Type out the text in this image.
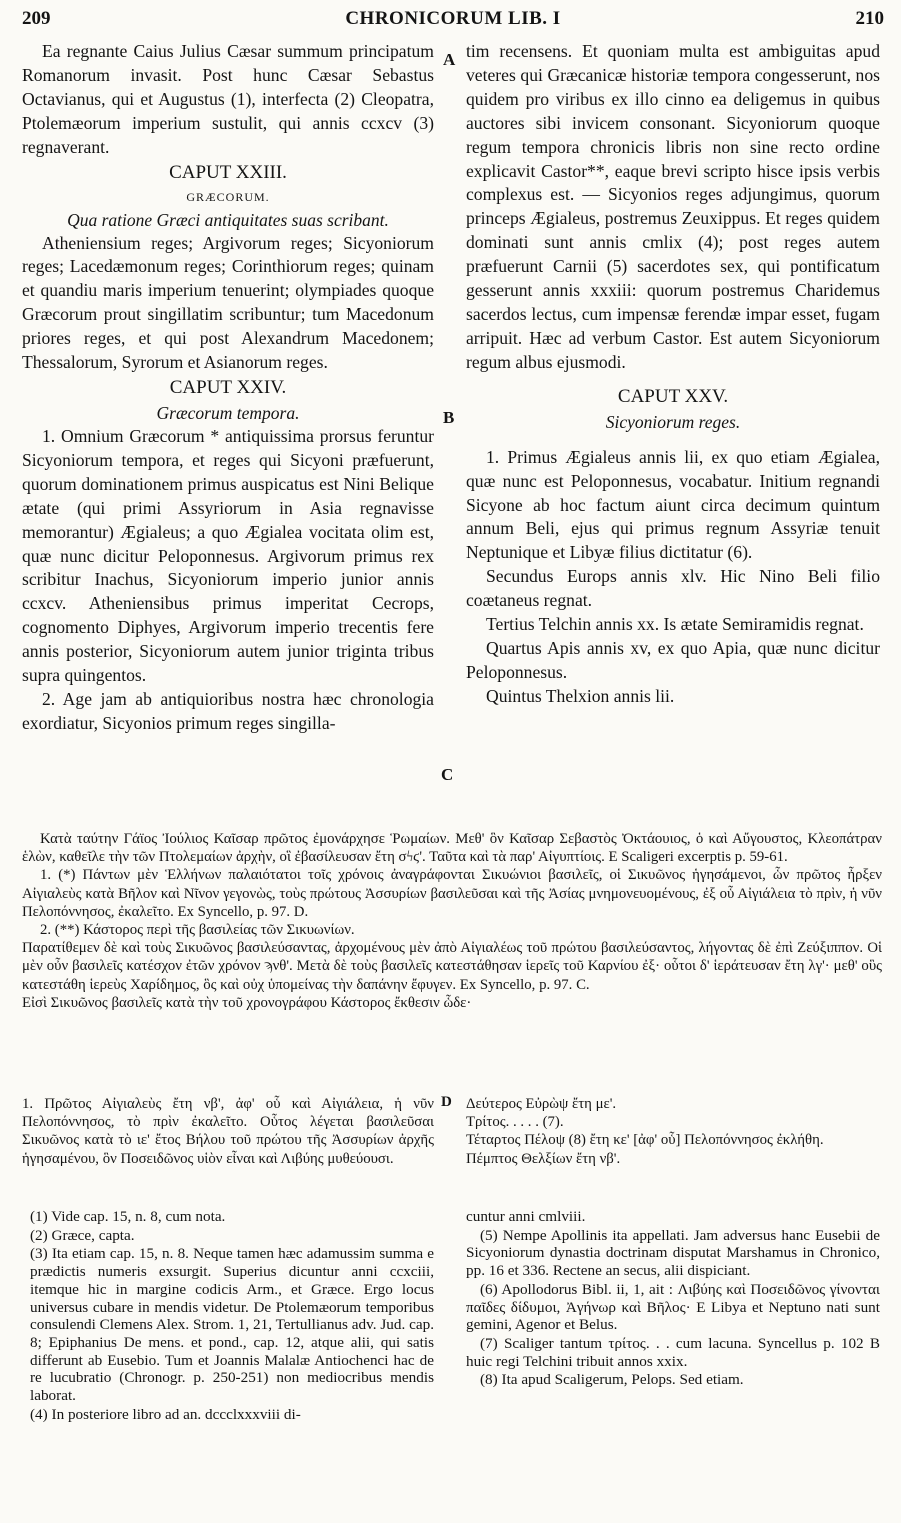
209	CHRONICORUM LIB. I	210
A
B
C
D

Ea regnante Caius Julius Cæsar summum principatum Romanorum invasit. Post hunc Cæsar Sebastus Octavianus, qui et Augustus (1), interfecta (2) Cleopatra, Ptolemæorum imperium sustulit, qui annis ccxcv (3) regnaverant.

CAPUT XXIII.

GRÆCORUM.

Qua ratione Græci antiquitates suas scribant.

Atheniensium reges; Argivorum reges; Sicyoniorum reges; Lacedæmonum reges; Corinthiorum reges; quinam et quandiu maris imperium tenuerint; olympiades quoque Græcorum prout singillatim scribuntur; tum Macedonum priores reges, et qui post Alexandrum Macedonem; Thessalorum, Syrorum et Asianorum reges.

CAPUT XXIV.

Græcorum tempora.

1. Omnium Græcorum * antiquissima prorsus feruntur Sicyoniorum tempora, et reges qui Sicyoni præfuerunt, quorum dominationem primus auspicatus est Nini Belique ætate (qui primi Assyriorum in Asia regnavisse memorantur) Ægialeus; a quo Ægialea vocitata olim est, quæ nunc dicitur Peloponnesus. Argivorum primus rex scribitur Inachus, Sicyoniorum imperio junior annis ccxcv. Atheniensibus primus imperitat Cecrops, cognomento Diphyes, Argivorum imperio trecentis fere annis posterior, Sicyoniorum autem junior triginta tribus supra quingentos.

2. Age jam ab antiquioribus nostra hæc chronologia exordiatur, Sicyonios primum reges singilla-

tim recensens. Et quoniam multa est ambiguitas apud veteres qui Græcanicæ historiæ tempora congesserunt, nos quidem pro viribus ex illo cinno ea deligemus in quibus auctores sibi invicem consonant. Sicyoniorum quoque regum tempora chronicis libris non sine recto ordine explicavit Castor**, eaque brevi scripto hisce ipsis verbis complexus est. — Sicyonios reges adjungimus, quorum princeps Ægialeus, postremus Zeuxippus. Et reges quidem dominati sunt annis cmlix (4); post reges autem præfuerunt Carnii (5) sacerdotes sex, qui pontificatum gesserunt annis xxxiii: quorum postremus Charidemus sacerdos lectus, cum impensæ ferendæ impar esset, fugam arripuit. Hæc ad verbum Castor. Est autem Sicyoniorum regum albus ejusmodi.

CAPUT XXV.

Sicyoniorum reges.

1. Primus Ægialeus annis lii, ex quo etiam Ægialea, quæ nunc est Peloponnesus, vocabatur. Initium regnandi Sicyone ab hoc factum aiunt circa decimum quintum annum Beli, ejus qui primus regnum Assyriæ tenuit Neptunique et Libyæ filius dictitatur (6).

Secundus Europs annis xlv. Hic Nino Beli filio coætaneus regnat.

Tertius Telchin annis xx. Is ætate Semiramidis regnat.

Quartus Apis annis xv, ex quo Apia, quæ nunc dicitur Peloponnesus.

Quintus Thelxion annis lii.

Κατὰ ταύτην Γάϊος Ἰούλιος Καῖσαρ πρῶτος ἐμονάρχησε Ῥωμαίων. Μεθ' ὃν Καῖσαρ Σεβαστὸς Ὀκτάουιος, ὁ καὶ Αὔγουστος, Κλεοπάτραν ἑλὼν, καθεῖλε τὴν τῶν Πτολεμαίων ἀρχὴν, οἳ ἐβασίλευσαν ἔτη σϟϛ'. Ταῦτα καὶ τὰ παρ' Αἰγυπτίοις. E Scaligeri excerptis p. 59-61.

1. (*) Πάντων μὲν Ἑλλήνων παλαιότατοι τοῖς χρόνοις ἀναγράφονται Σικυώνιοι βασιλεῖς, οἱ Σικυῶνος ἡγησάμενοι, ὧν πρῶτος ἦρξεν Αἰγιαλεὺς κατὰ Βῆλον καὶ Νῖνον γεγονὼς, τοὺς πρώτους Ἀσσυρίων βασιλεῦσαι καὶ τῆς Ἀσίας μνημονευομένους, ἐξ οὗ Αἰγιάλεια τὸ πρὶν, ἡ νῦν Πελοπόννησος, ἐκαλεῖτο. Ex Syncello, p. 97. D.

2. (**) Κάστορος περὶ τῆς βασιλείας τῶν Σικυωνίων.

Παρατίθεμεν δὲ καὶ τοὺς Σικυῶνος βασιλεύσαντας, ἀρχομένους μὲν ἀπὸ Αἰγιαλέως τοῦ πρώτου βασιλεύσαντος, λήγοντας δὲ ἐπὶ Ζεύξιππον. Οἱ μὲν οὖν βασιλεῖς κατέσχον ἐτῶν χρόνον ϡνθ'. Μετὰ δὲ τοὺς βασιλεῖς κατεστάθησαν ἱερεῖς τοῦ Καρνίου ἐξ· οὗτοι δ' ἱεράτευσαν ἔτη λγ'· μεθ' οὓς κατεστάθη ἱερεὺς Χαρίδημος, ὃς καὶ οὐχ ὑπομείνας τὴν δαπάνην ἔφυγεν. Ex Syncello, p. 97. C.

Εἰσὶ Σικυῶνος βασιλεῖς κατὰ τὴν τοῦ χρονογράφου Κάστορος ἔκθεσιν ὧδε·

1. Πρῶτος Αἰγιαλεὺς ἔτη νβ', ἀφ' οὗ καὶ Αἰγιάλεια, ἡ νῦν Πελοπόννησος, τὸ πρὶν ἐκαλεῖτο. Οὗτος λέγεται βασιλεῦσαι Σικυῶνος κατὰ τὸ ιε' ἔτος Βήλου τοῦ πρώτου τῆς Ἀσσυρίων ἀρχῆς ἡγησαμένου, ὃν Ποσειδῶνος υἱὸν εἶναι καὶ Λιβύης μυθεύουσι.

Δεύτερος Εὐρὼψ ἔτη με'.

Τρίτος. . . . . (7).

Τέταρτος Πέλοψ (8) ἔτη κε' [ἀφ' οὗ] Πελοπόννησος ἐκλήθη.

Πέμπτος Θελξίων ἔτη νβ'.

(1) Vide cap. 15, n. 8, cum nota.

(2) Græce, capta.

(3) Ita etiam cap. 15, n. 8. Neque tamen hæc adamussim summa e prædictis numeris exsurgit. Superius dicuntur anni ccxciii, itemque hic in margine codicis Arm., et Græce. Ergo locus universus cubare in mendis videtur. De Ptolemæorum temporibus consulendi Clemens Alex. Strom. 1, 21, Tertullianus adv. Jud. cap. 8; Epiphanius De mens. et pond., cap. 12, atque alii, qui satis differunt ab Eusebio. Tum et Joannis Malalæ Antiochenci hac de re lucubratio (Chronogr. p. 250-251) non mediocribus mendis laborat.

(4) In posteriore libro ad an. dccclxxxviii di-

cuntur anni cmlviii.

(5) Nempe Apollinis ita appellati. Jam adversus hanc Eusebii de Sicyoniorum dynastia doctrinam disputat Marshamus in Chronico, pp. 16 et 336. Rectene an secus, alii dispiciant.

(6) Apollodorus Bibl. ii, 1, ait : Λιβύης καὶ Ποσειδῶνος γίνονται παῖδες δίδυμοι, Ἀγήνωρ καὶ Βῆλος· E Libya et Neptuno nati sunt gemini, Agenor et Belus.

(7) Scaliger tantum τρίτος. . . cum lacuna. Syncellus p. 102 B huic regi Telchini tribuit annos xxix.

(8) Ita apud Scaligerum, Pelops. Sed etiam.
